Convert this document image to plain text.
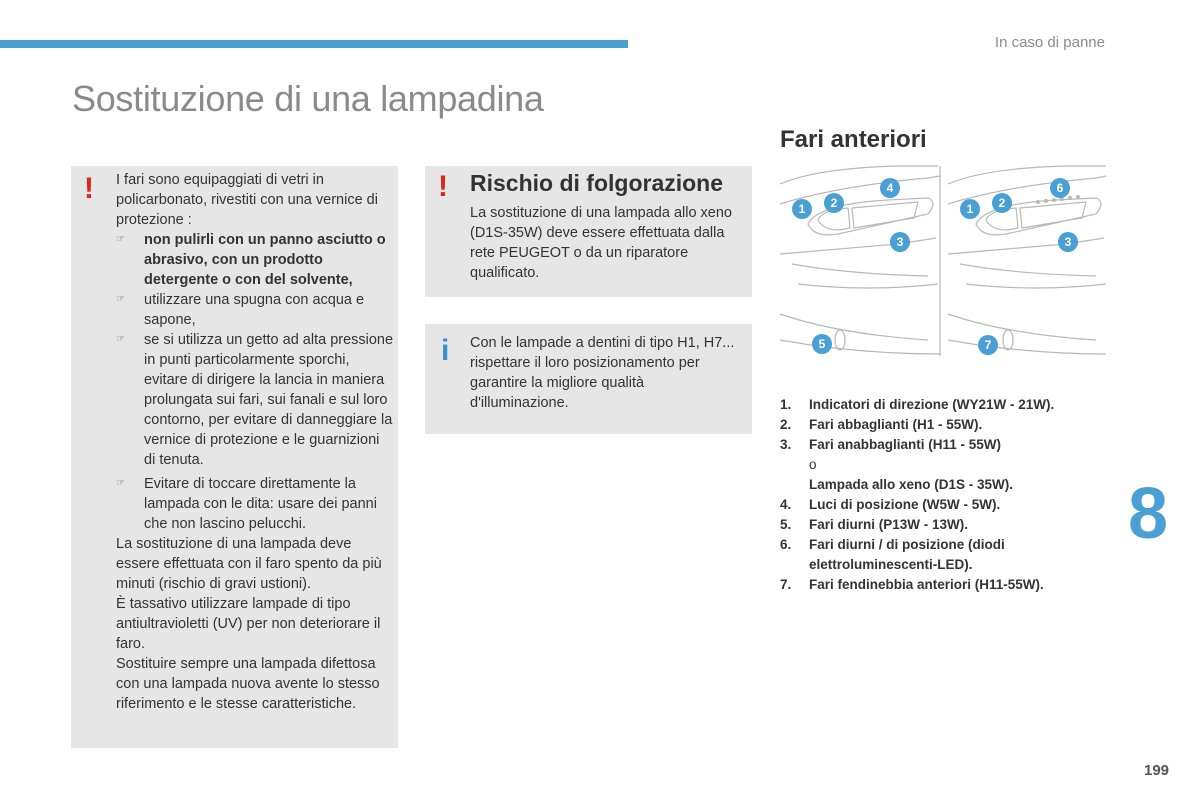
In caso di panne
Sostituzione di una lampadina
! I fari sono equipaggiati di vetri in policarbonato, rivestiti con una vernice di protezione :

☞	non pulirli con un panno asciutto o abrasivo, con un prodotto detergente o con del solvente,
☞	utilizzare una spugna con acqua e sapone,
☞	se si utilizza un getto ad alta pressione in punti particolarmente sporchi, evitare di dirigere la lancia in maniera prolungata sui fari, sui fanali e sul loro contorno, per evitare di danneggiare la vernice di protezione e le guarnizioni di tenuta.
☞	Evitare di toccare direttamente la lampada con le dita: usare dei panni che non lascino pelucchi.

La sostituzione di una lampada deve essere effettuata con il faro spento da più minuti (rischio di gravi ustioni).

È tassativo utilizzare lampade di tipo antiultravioletti (UV) per non deteriorare il faro.

Sostituire sempre una lampada difettosa con una lampada nuova avente lo stesso riferimento e le stesse caratteristiche.

! Rischio di folgorazione
La sostituzione di una lampada allo xeno (D1S-35W) deve essere effettuata dalla rete PEUGEOT o da un riparatore qualificato.
i Con le lampade a dentini di tipo H1, H7... rispettare il loro posizionamento per garantire la migliore qualità d'illuminazione.
Fari anteriori
1 2
3
4
5
1 2
3
6
7
1.	Indicatori di direzione (WY21W - 21W).
2.	Fari abbaglianti (H1 - 55W).
3.	Fari anabbaglianti (H11 - 55W)
o
Lampada allo xeno (D1S - 35W).
4.	Luci di posizione (W5W - 5W).
5.	Fari diurni (P13W - 13W).
6.	Fari diurni / di posizione (diodi elettroluminescenti-LED).
7.	Fari fendinebbia anteriori (H11-55W).
8
199
